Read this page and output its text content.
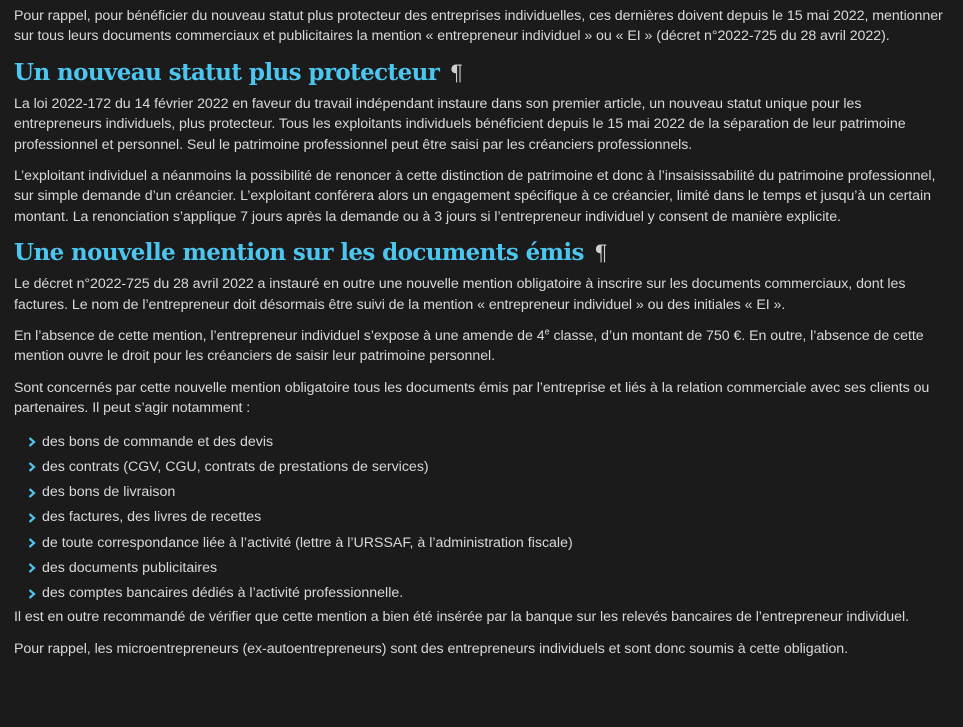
Pour rappel, pour bénéficier du nouveau statut plus protecteur des entreprises individuelles, ces dernières doivent depuis le 15 mai 2022, mentionner sur tous leurs documents commerciaux et publicitaires la mention « entrepreneur individuel » ou « EI » (décret n°2022-725 du 28 avril 2022).

Un nouveau statut plus protecteur ¶

La loi 2022-172 du 14 février 2022 en faveur du travail indépendant instaure dans son premier article, un nouveau statut unique pour les entrepreneurs individuels, plus protecteur. Tous les exploitants individuels bénéficient depuis le 15 mai 2022 de la séparation de leur patrimoine professionnel et personnel. Seul le patrimoine professionnel peut être saisi par les créanciers professionnels.

L’exploitant individuel a néanmoins la possibilité de renoncer à cette distinction de patrimoine et donc à l’insaisissabilité du patrimoine professionnel, sur simple demande d’un créancier. L’exploitant conférera alors un engagement spécifique à ce créancier, limité dans le temps et jusqu’à un certain montant. La renonciation s’applique 7 jours après la demande ou à 3 jours si l’entrepreneur individuel y consent de manière explicite.

Une nouvelle mention sur les documents émis ¶

Le décret n°2022-725 du 28 avril 2022 a instauré en outre une nouvelle mention obligatoire à inscrire sur les documents commerciaux, dont les factures. Le nom de l’entrepreneur doit désormais être suivi de la mention « entrepreneur individuel » ou des initiales « EI ».

En l’absence de cette mention, l’entrepreneur individuel s’expose à une amende de 4e classe, d’un montant de 750 €. En outre, l’absence de cette mention ouvre le droit pour les créanciers de saisir leur patrimoine personnel.

Sont concernés par cette nouvelle mention obligatoire tous les documents émis par l’entreprise et liés à la relation commerciale avec ses clients ou partenaires. Il peut s’agir notamment :

des bons de commande et des devis
des contrats (CGV, CGU, contrats de prestations de services)
des bons de livraison
des factures, des livres de recettes
de toute correspondance liée à l’activité (lettre à l’URSSAF, à l’administration fiscale)
des documents publicitaires
des comptes bancaires dédiés à l’activité professionnelle.

Il est en outre recommandé de vérifier que cette mention a bien été insérée par la banque sur les relevés bancaires de l’entrepreneur individuel.

Pour rappel, les microentrepreneurs (ex-autoentrepreneurs) sont des entrepreneurs individuels et sont donc soumis à cette obligation.
